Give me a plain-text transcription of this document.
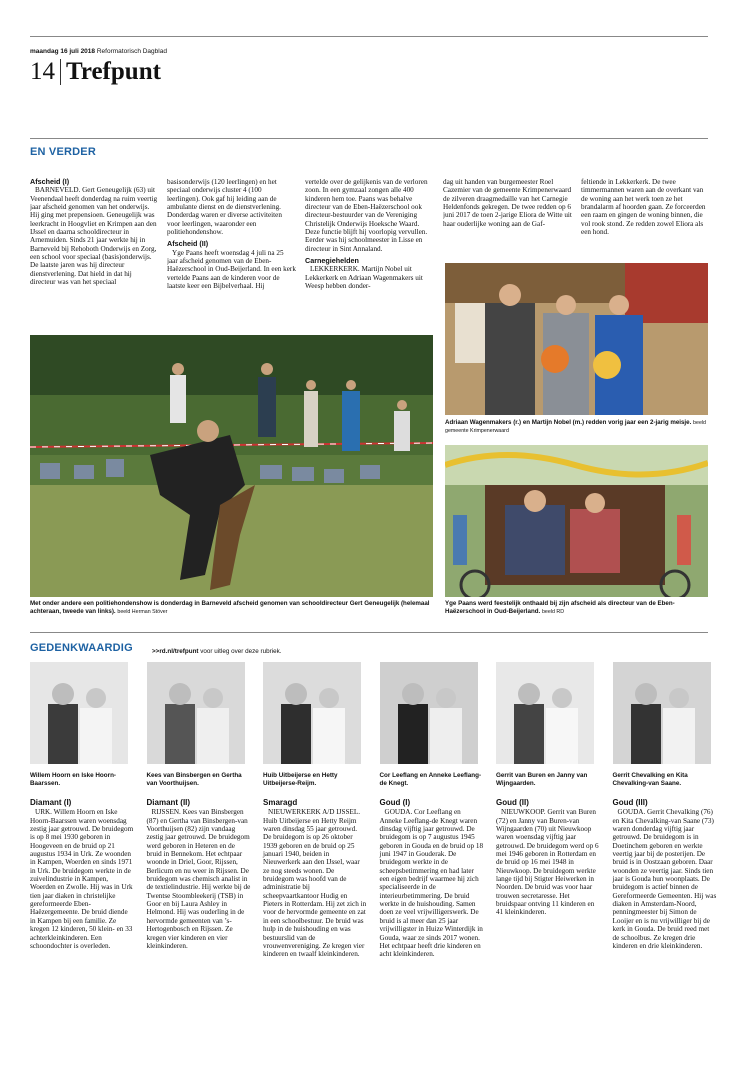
maandag 16 juli 2018 Reformatorisch Dagblad
14 Trefpunt
EN VERDER
Afscheid (I)

BARNEVELD. Gert Geneugelijk (63) uit Veenendaal heeft donderdag na ruim veertig jaar afscheid genomen van het onderwijs. Hij ging met prepensioen. Geneugelijk was leerkracht in Hoogvliet en Krimpen aan den IJssel en daarna schooldirecteur in Arnemuiden. Sinds 21 jaar werkte hij in Barneveld bij Rehoboth Onderwijs en Zorg, een school voor speciaal (basis)onderwijs. De laatste jaren was hij directeur dienstverlening. Dat hield in dat hij directeur was van het speciaal

basisonderwijs (120 leerlingen) en het speciaal onderwijs cluster 4 (100 leerlingen). Ook gaf hij leiding aan de ambulante dienst en de dienstverlening. Donderdag waren er diverse activiteiten voor leerlingen, waaronder een politiehondenshow.

Afscheid (II)

Yge Paans heeft woensdag 4 juli na 25 jaar afscheid genomen van de Eben-Haëzerschool in Oud-Beijerland. In een kerk vertelde Paans aan de kinderen voor de laatste keer een Bijbelverhaal. Hij

vertelde over de gelijkenis van de verloren zoon. In een gymzaal zongen alle 400 kinderen hem toe. Paans was behalve directeur van de Eben-Haëzerschool ook directeur-bestuurder van de Vereniging Christelijk Onderwijs Hoeksche Waard. Deze functie blijft hij voorlopig vervullen. Eerder was hij schoolmeester in Lisse en directeur in Sint Annaland.

Carnegiehelden

LEKKERKERK. Martijn Nobel uit Lekkerkerk en Adriaan Wagenmakers uit Weesp hebben donder-

dag uit handen van burgemeester Roel Cazemier van de gemeente Krimpenerwaard de zilveren draagmedaille van het Carnegie Heldenfonds gekregen. De twee redden op 6 juni 2017 de toen 2-jarige Eliora de Witte uit haar ouderlijke woning aan de Gaf-

feltiende in Lekkerkerk. De twee timmermannen waren aan de overkant van de woning aan het werk toen ze het brandalarm af hoorden gaan. Ze forceerden een raam en gingen de woning binnen, die vol rook stond. Ze redden zowel Eliora als een hond.

Met onder andere een politiehondenshow is donderdag in Barneveld afscheid genomen van schooldirecteur Gert Geneugelijk (helemaal achteraan, tweede van links). beeld Herman Stöver
Adriaan Wagenmakers (r.) en Martijn Nobel (m.) redden vorig jaar een 2-jarig meisje. beeld gemeente Krimpenerwaard
Yge Paans werd feestelijk onthaald bij zijn afscheid als directeur van de Eben-Haëzerschool in Oud-Beijerland. beeld RD
GEDENKWAARDIG	>>rd.nl/trefpunt voor uitleg over deze rubriek.
Willem Hoorn en Iske Hoorn-Baarssen.
Diamant (I)

URK. Willem Hoorn en Iske Hoorn-Baarssen waren woensdag zestig jaar getrouwd. De bruidegom is op 8 mei 1930 geboren in Hoogeveen en de bruid op 21 augustus 1934 in Urk. Ze woonden in Kampen, Woerden en sinds 1971 in Urk. De bruidegom werkte in de zuivelindustrie in Kampen, Woerden en Zwolle. Hij was in Urk tien jaar diaken in christelijke gereformeerde Eben-Haëzergemeente. De bruid diende in Kampen bij een familie. Ze kregen 12 kinderen, 50 klein- en 33 achterkleinkinderen. Een schoondochter is overleden.

Kees van Binsbergen en Gertha van Voorthuijsen.
Diamant (II)

RIJSSEN. Kees van Binsbergen (87) en Gertha van Binsbergen-van Voorthuijsen (82) zijn vandaag zestig jaar getrouwd. De bruidegom werd geboren in Heteren en de bruid in Bennekom. Het echtpaar woonde in Driel, Goor, Rijssen, Berlicum en nu weer in Rijssen. De bruidegom was chemisch analist in de textielindustrie. Hij werkte bij de Twentse Stoombleekerij (TSB) in Goor en bij Laura Ashley in Helmond. Hij was ouderling in de hervormde gemeenten van ’s-Hertogenbosch en Rijssen. Ze kregen vier kinderen en vier kleinkinderen.

Huib Uitbeijerse en Hetty Uitbeijerse-Reijm.
Smaragd

NIEUWERKERK A/D IJSSEL. Huib Uitbeijerse en Hetty Reijm waren dinsdag 55 jaar getrouwd. De bruidegom is op 26 oktober 1939 geboren en de bruid op 25 januari 1940, beiden in Nieuwerkerk aan den IJssel, waar ze nog steeds wonen. De bruidegom was hoofd van de administratie bij scheepvaartkantoor Hudig en Pieters in Rotterdam. Hij zet zich in voor de hervormde gemeente en zat in een schoolbestuur. De bruid was hulp in de huishouding en was bestuurslid van de vrouwenvereniging. Ze kregen vier kinderen en twaalf kleinkinderen.

Cor Leeflang en Anneke Leeflang-de Knegt.
Goud (I)

GOUDA. Cor Leeflang en Anneke Leeflang-de Knegt waren dinsdag vijftig jaar getrouwd. De bruidegom is op 7 augustus 1945 geboren in Gouda en de bruid op 18 juni 1947 in Gouderak. De bruidegom werkte in de scheepsbetimmering en had later een eigen bedrijf waarmee hij zich specialiseerde in de interieurbetimmering. De bruid werkte in de huishouding. Samen doen ze veel vrijwilligerswerk. De bruid is al meer dan 25 jaar vrijwilligster in Huize Winterdijk in Gouda, waar ze sinds 2017 wonen. Het echtpaar heeft drie kinderen en acht kleinkinderen.

Gerrit van Buren en Janny van Wijngaarden.
Goud (II)

NIEUWKOOP. Gerrit van Buren (72) en Janny van Buren-van Wijngaarden (70) uit Nieuwkoop waren woensdag vijftig jaar getrouwd. De bruidegom werd op 6 mei 1946 geboren in Rotterdam en de bruid op 16 mei 1948 in Nieuwkoop. De bruidegom werkte lange tijd bij Stigter Heiwerken in Noorden. De bruid was voor haar trouwen secretaresse. Het bruidspaar ontving 11 kinderen en 41 kleinkinderen.

Gerrit Chevalking en Kita Chevalking-van Saane.
Goud (III)

GOUDA. Gerrit Chevalking (76) en Kita Chevalking-van Saane (73) waren donderdag vijftig jaar getrouwd. De bruidegom is in Doetinchem geboren en werkte veertig jaar bij de posterijen. De bruid is in Oostzaan geboren. Daar woonden ze veertig jaar. Sinds tien jaar is Gouda hun woonplaats. De bruidegom is actief binnen de Gereformeerde Gemeenten. Hij was diaken in Amsterdam-Noord, penningmeester bij Simon de Looijer en is nu vrijwilliger bij de kerk in Gouda. De bruid reed met de schoolbus. Ze kregen drie kinderen en drie kleinkinderen.
